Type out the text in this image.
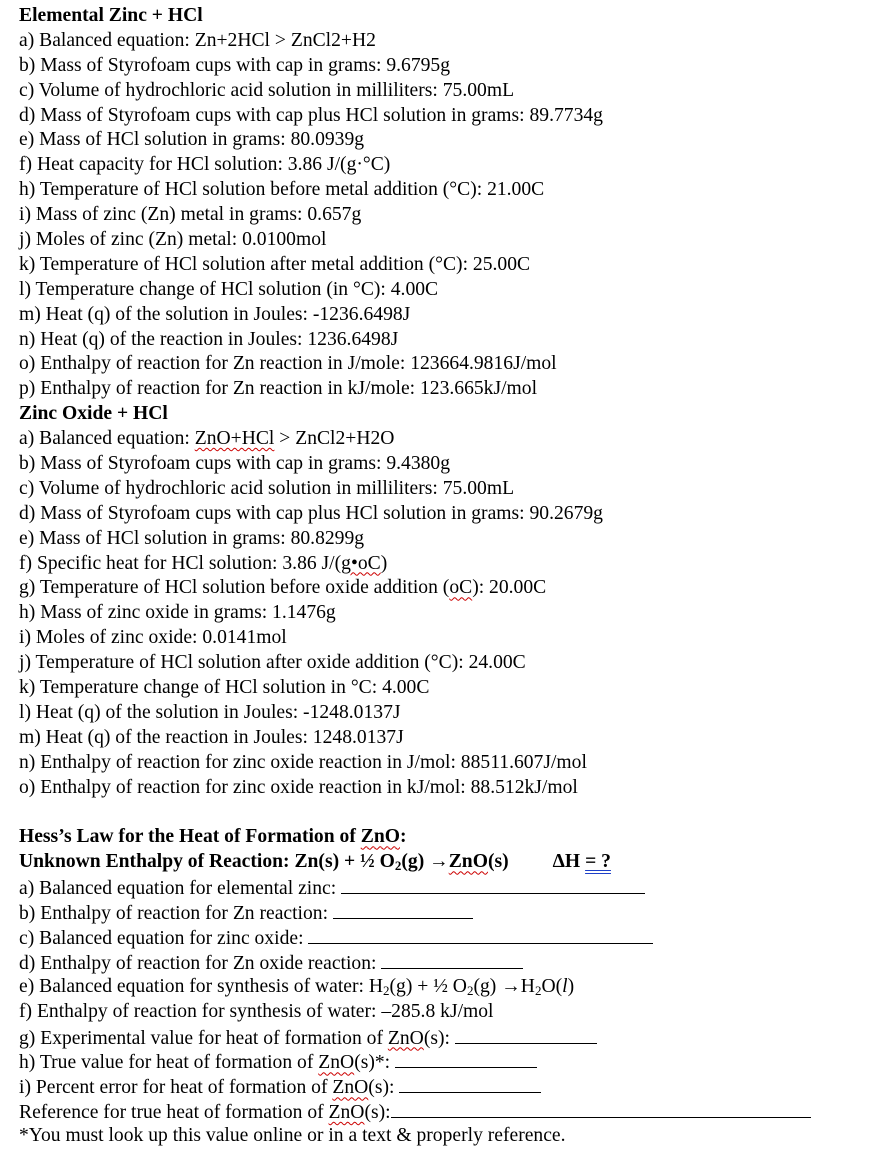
Elemental Zinc + HCl
a) Balanced equation: Zn+2HCl > ZnCl2+H2
b) Mass of Styrofoam cups with cap in grams: 9.6795g
c) Volume of hydrochloric acid solution in milliliters: 75.00mL
d) Mass of Styrofoam cups with cap plus HCl solution in grams: 89.7734g
e) Mass of HCl solution in grams: 80.0939g
f) Heat capacity for HCl solution: 3.86 J/(g·°C)
h) Temperature of HCl solution before metal addition (°C): 21.00C
i) Mass of zinc (Zn) metal in grams: 0.657g
j) Moles of zinc (Zn) metal: 0.0100mol
k) Temperature of HCl solution after metal addition (°C): 25.00C
l) Temperature change of HCl solution (in °C): 4.00C
m) Heat (q) of the solution in Joules: -1236.6498J
n) Heat (q) of the reaction in Joules: 1236.6498J
o) Enthalpy of reaction for Zn reaction in J/mole: 123664.9816J/mol
p) Enthalpy of reaction for Zn reaction in kJ/mole: 123.665kJ/mol
Zinc Oxide + HCl
a) Balanced equation: ZnO+HCl > ZnCl2+H2O
b) Mass of Styrofoam cups with cap in grams: 9.4380g
c) Volume of hydrochloric acid solution in milliliters: 75.00mL
d) Mass of Styrofoam cups with cap plus HCl solution in grams: 90.2679g
e) Mass of HCl solution in grams: 80.8299g
f) Specific heat for HCl solution: 3.86 J/(g•oC)
g) Temperature of HCl solution before oxide addition (oC): 20.00C
h) Mass of zinc oxide in grams: 1.1476g
i) Moles of zinc oxide: 0.0141mol
j) Temperature of HCl solution after oxide addition (°C): 24.00C
k) Temperature change of HCl solution in °C: 4.00C
l) Heat (q) of the solution in Joules: -1248.0137J
m) Heat (q) of the reaction in Joules: 1248.0137J
n) Enthalpy of reaction for zinc oxide reaction in J/mol: 88511.607J/mol
o) Enthalpy of reaction for zinc oxide reaction in kJ/mol: 88.512kJ/mol
Hess’s Law for the Heat of Formation of ZnO:
Unknown Enthalpy of Reaction: Zn(s) + ½ $O_2(g) \to ZnO(s) \Delta H$ = ?
a) Balanced equation for elemental zinc:
b) Enthalpy of reaction for Zn reaction:
c) Balanced equation for zinc oxide:
d) Enthalpy of reaction for Zn oxide reaction:
e) Balanced equation for synthesis of water: $H_2(g)$ + ½ $O_2(g) \to H_2O(l)$
f) Enthalpy of reaction for synthesis of water: –285.8 kJ/mol
g) Experimental value for heat of formation of ZnO(s):
h) True value for heat of formation of ZnO(s)*:
i) Percent error for heat of formation of ZnO(s):
Reference for true heat of formation of ZnO(s):
*You must look up this value online or in a text & properly reference.
